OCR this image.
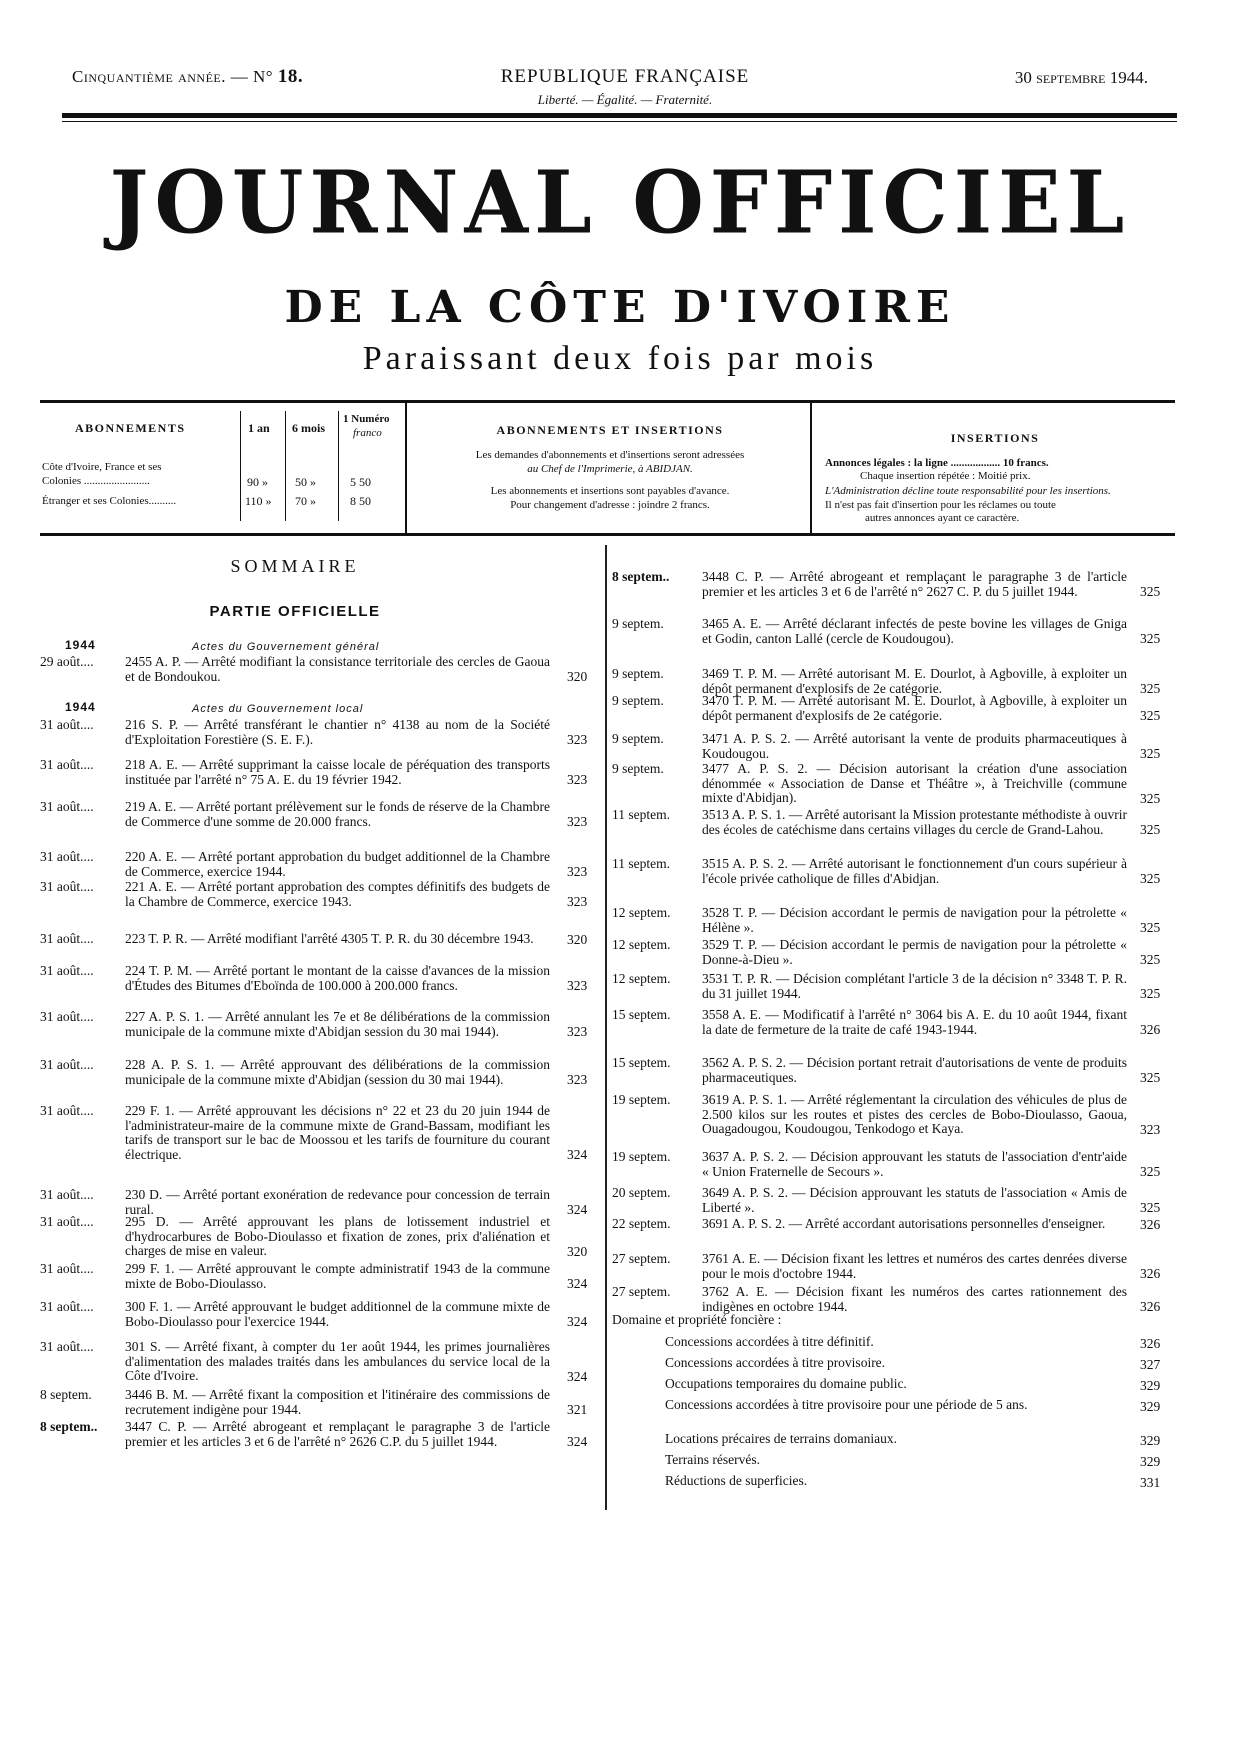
Cinquantième année. — N° 18.	REPUBLIQUE FRANÇAISE
Liberté. — Égalité. — Fraternité.
30 septembre 1944.
JOURNAL OFFICIEL
DE LA CÔTE D'IVOIRE
Paraissant deux fois par mois
ABONNEMENTS	1 an 6 mois
1 Numéro
franco
Côte d'Ivoire, France et ses
Colonies ........................	90 » 50 »	5 50
Étranger et ses Colonies..........	110 » 70 »	8 50
ABONNEMENTS ET INSERTIONS
Les demandes d'abonnements et d'insertions seront adressées
au Chef de l'Imprimerie, à ABIDJAN.
Les abonnements et insertions sont payables d'avance.
Pour changement d'adresse : joindre 2 francs.
INSERTIONS
Annonces légales : la ligne .................. 10 francs.
Chaque insertion répétée : Moitié prix.
L'Administration décline toute responsabilité pour les insertions.
Il n'est pas fait d'insertion pour les réclames ou toute
autres annonces ayant ce caractère.
SOMMAIRE
PARTIE OFFICIELLE
1944	Actes du Gouvernement général
1944	Actes du Gouvernement local
29 août.... 2455 A. P. — Arrêté modifiant la consistance territoriale des cercles de Gaoua et de Bondoukou.	320
31 août.... 216 S. P. — Arrêté transférant le chantier n° 4138 au nom de la Société d'Exploitation Forestière (S. E. F.).	323
31 août.... 218 A. E. — Arrêté supprimant la caisse locale de péréquation des transports instituée par l'arrêté n° 75 A. E. du 19 février 1942.	323
31 août.... 219 A. E. — Arrêté portant prélèvement sur le fonds de réserve de la Chambre de Commerce d'une somme de 20.000 francs.	323
31 août.... 220 A. E. — Arrêté portant approbation du budget additionnel de la Chambre de Commerce, exercice 1944.	323
31 août.... 221 A. E. — Arrêté portant approbation des comptes définitifs des budgets de la Chambre de Commerce, exercice 1943.	323
31 août.... 223 T. P. R. — Arrêté modifiant l'arrêté 4305 T. P. R. du 30 décembre 1943.	320
31 août.... 224 T. P. M. — Arrêté portant le montant de la caisse d'avances de la mission d'Études des Bitumes d'Eboïnda de 100.000 à 200.000 francs.	323
31 août.... 227 A. P. S. 1. — Arrêté annulant les 7e et 8e délibérations de la commission municipale de la commune mixte d'Abidjan session du 30 mai 1944).	323
31 août.... 228 A. P. S. 1. — Arrêté approuvant des délibérations de la commission municipale de la commune mixte d'Abidjan (session du 30 mai 1944).	323
31 août.... 229 F. 1. — Arrêté approuvant les décisions n° 22 et 23 du 20 juin 1944 de l'administrateur-maire de la commune mixte de Grand-Bassam, modifiant les tarifs de transport sur le bac de Moossou et les tarifs de fourniture du courant électrique.	324
31 août.... 230 D. — Arrêté portant exonération de redevance pour concession de terrain rural.	324
31 août.... 295 D. — Arrêté approuvant les plans de lotissement industriel et d'hydrocarbures de Bobo-Dioulasso et fixation de zones, prix d'aliénation et charges de mise en valeur.	320
31 août.... 299 F. 1. — Arrêté approuvant le compte administratif 1943 de la commune mixte de Bobo-Dioulasso.	324
31 août.... 300 F. 1. — Arrêté approuvant le budget additionnel de la commune mixte de Bobo-Dioulasso pour l'exercice 1944.	324
31 août.... 301 S. — Arrêté fixant, à compter du 1er août 1944, les primes journalières d'alimentation des malades traités dans les ambulances du service local de la Côte d'Ivoire.	324
8 septem. 3446 B. M. — Arrêté fixant la composition et l'itinéraire des commissions de recrutement indigène pour 1944.	321
8 septem.. 3447 C. P. — Arrêté abrogeant et remplaçant le paragraphe 3 de l'article premier et les articles 3 et 6 de l'arrêté n° 2626 C.P. du 5 juillet 1944.	324
8 septem.. 3448 C. P. — Arrêté abrogeant et remplaçant le paragraphe 3 de l'article premier et les articles 3 et 6 de l'arrêté n° 2627 C. P. du 5 juillet 1944.	325
9 septem.	3465 A. E. — Arrêté déclarant infectés de peste bovine les villages de Gniga et Godin, canton Lallé (cercle de Koudougou).	325
9 septem.	3469 T. P. M. — Arrêté autorisant M. E. Dourlot, à Agboville, à exploiter un dépôt permanent d'explosifs de 2e catégorie.	325
9 septem.	3470 T. P. M. — Arrêté autorisant M. E. Dourlot, à Agboville, à exploiter un dépôt permanent d'explosifs de 2e catégorie.	325
9 septem.	3471 A. P. S. 2. — Arrêté autorisant la vente de produits pharmaceutiques à Koudougou.	325
9 septem.	3477 A. P. S. 2. — Décision autorisant la création d'une association dénommée « Association de Danse et Théâtre », à Treichville (commune mixte d'Abidjan).	325
11 septem. 3513 A. P. S. 1. — Arrêté autorisant la Mission protestante méthodiste à ouvrir des écoles de catéchisme dans certains villages du cercle de Grand-Lahou.	325
11 septem. 3515 A. P. S. 2. — Arrêté autorisant le fonctionnement d'un cours supérieur à l'école privée catholique de filles d'Abidjan.	325
12 septem. 3528 T. P. — Décision accordant le permis de navigation pour la pétrolette « Hélène ».	325
12 septem. 3529 T. P. — Décision accordant le permis de navigation pour la pétrolette « Donne-à-Dieu ».	325
12 septem. 3531 T. P. R. — Décision complétant l'article 3 de la décision n° 3348 T. P. R. du 31 juillet 1944.	325
15 septem. 3558 A. E. — Modificatif à l'arrêté n° 3064 bis A. E. du 10 août 1944, fixant la date de fermeture de la traite de café 1943-1944.	326
15 septem. 3562 A. P. S. 2. — Décision portant retrait d'autorisations de vente de produits pharmaceutiques.	325
19 septem. 3619 A. P. S. 1. — Arrêté réglementant la circulation des véhicules de plus de 2.500 kilos sur les routes et pistes des cercles de Bobo-Dioulasso, Gaoua, Ouagadougou, Koudougou, Tenkodogo et Kaya.	323
19 septem. 3637 A. P. S. 2. — Décision approuvant les statuts de l'association d'entr'aide « Union Fraternelle de Secours ».	325
20 septem. 3649 A. P. S. 2. — Décision approuvant les statuts de l'association « Amis de Liberté ».	325
22 septem. 3691 A. P. S. 2. — Arrêté accordant autorisations personnelles d'enseigner.	326
27 septem. 3761 A. E. — Décision fixant les lettres et numéros des cartes denrées diverse pour le mois d'octobre 1944.	326
27 septem. 3762 A. E. — Décision fixant les numéros des cartes rationnement des indigènes en octobre 1944.	326
Domaine et propriété foncière :
Concessions accordées à titre définitif.	326
Concessions accordées à titre provisoire.	327
Occupations temporaires du domaine public.	329
Concessions accordées à titre provisoire pour une période de 5 ans.	329
Locations précaires de terrains domaniaux.	329
Terrains réservés.	329
Réductions de superficies.	331
